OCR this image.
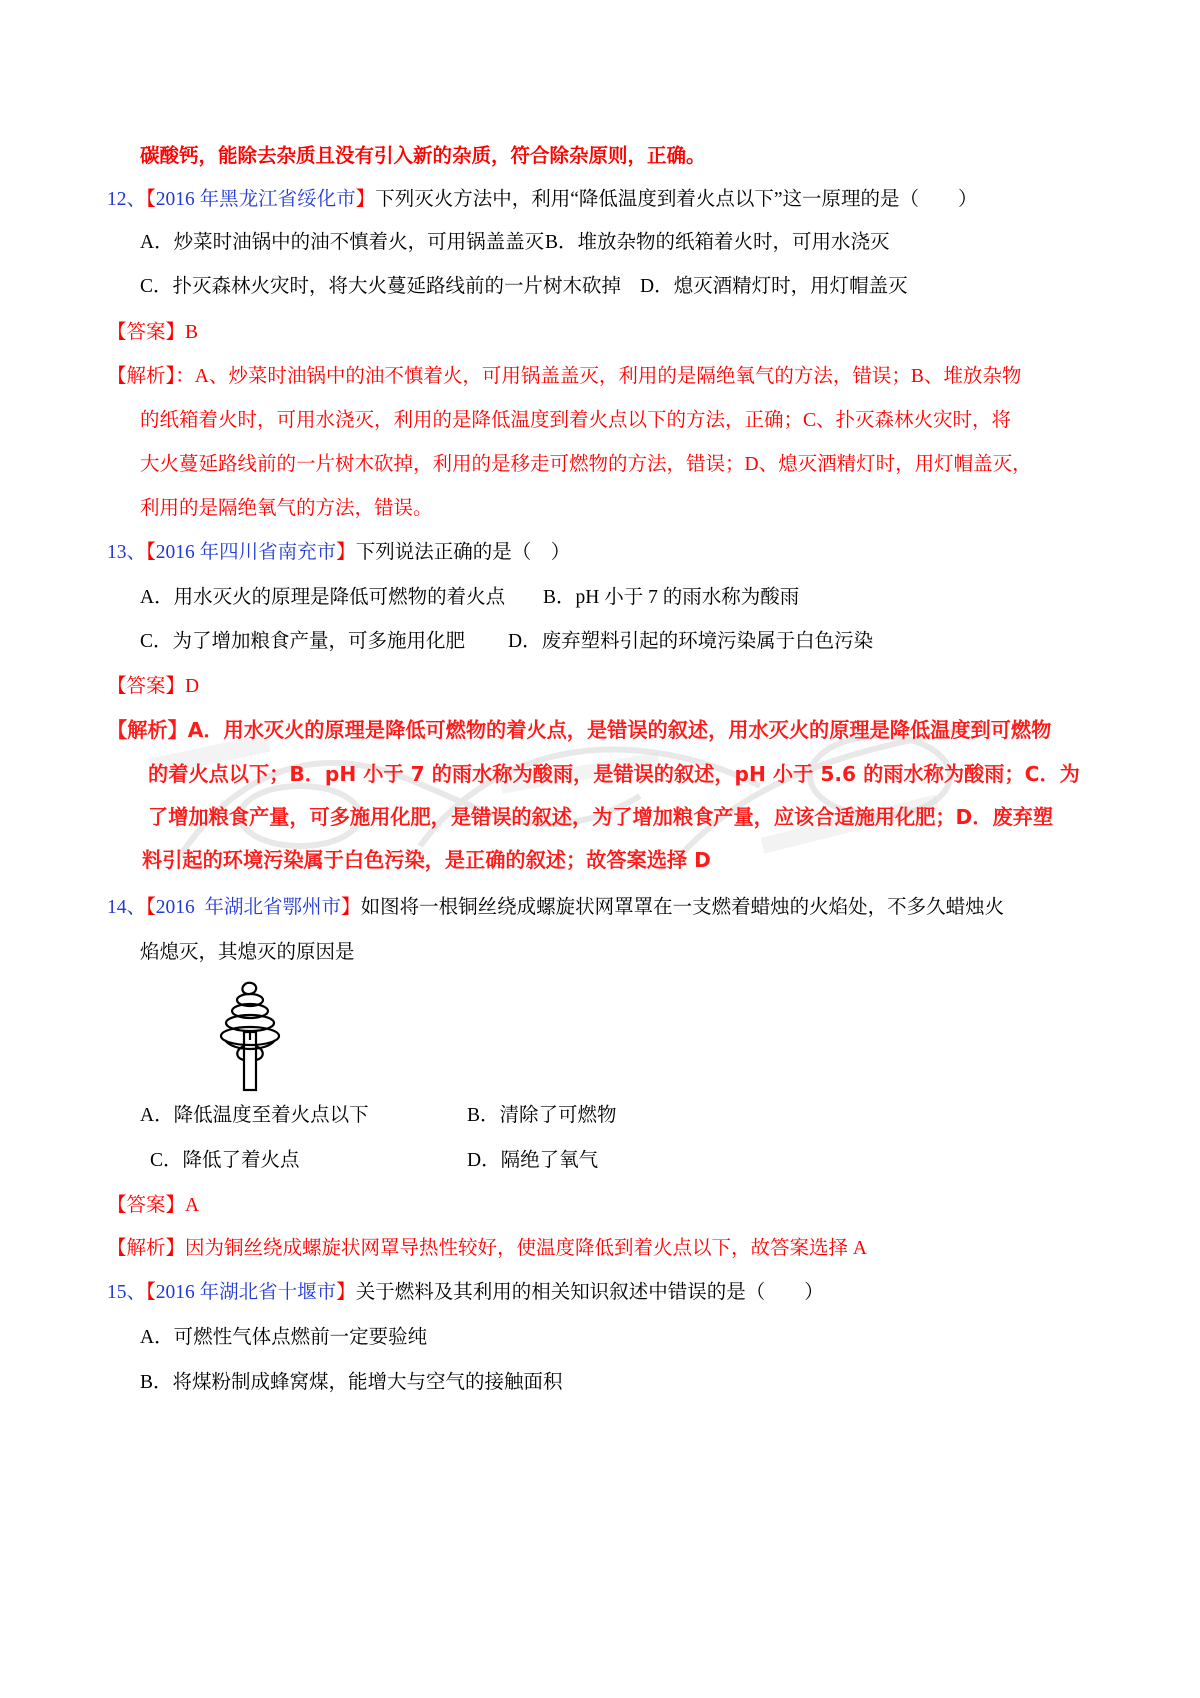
碳酸钙，能除去杂质且没有引入新的杂质，符合除杂原则，正确。
12、【2016 年黑龙江省绥化市】下列灭火方法中，利用“降低温度到着火点以下”这一原理的是（　　）
A．炒菜时油锅中的油不慎着火，可用锅盖盖灭 B．堆放杂物的纸箱着火时，可用水浇灭
C．扑灭森林火灾时，将大火蔓延路线前的一片树木砍掉 D．熄灭酒精灯时，用灯帽盖灭
【答案】B
【解析】：A、炒菜时油锅中的油不慎着火，可用锅盖盖灭，利用的是隔绝氧气的方法，错误；B、堆放杂物
的纸箱着火时，可用水浇灭，利用的是降低温度到着火点以下的方法，正确；C、扑灭森林火灾时，将
大火蔓延路线前的一片树木砍掉，利用的是移走可燃物的方法，错误；D、熄灭酒精灯时，用灯帽盖灭，
利用的是隔绝氧气的方法，错误。
13、【2016 年四川省南充市】下列说法正确的是（　）
A．用水灭火的原理是降低可燃物的着火点 B．pH 小于 7 的雨水称为酸雨
C．为了增加粮食产量，可多施用化肥 D．废弃塑料引起的环境污染属于白色污染
【答案】D
【解析】A．用水灭火的原理是降低可燃物的着火点，是错误的叙述，用水灭火的原理是降低温度到可燃物
的着火点以下；B．pH 小于 7 的雨水称为酸雨，是错误的叙述，pH 小于 5.6 的雨水称为酸雨；C．为
了增加粮食产量，可多施用化肥，是错误的叙述，为了增加粮食产量，应该合适施用化肥；D．废弃塑
料引起的环境污染属于白色污染，是正确的叙述；故答案选择 D
14、【2016  年湖北省鄂州市】如图将一根铜丝绕成螺旋状网罩罩在一支燃着蜡烛的火焰处，不多久蜡烛火
焰熄灭，其熄灭的原因是
A．降低温度至着火点以下	B．清除了可燃物
C．降低了着火点	D．隔绝了氧气
【答案】A
【解析】因为铜丝绕成螺旋状网罩导热性较好，使温度降低到着火点以下，故答案选择 A
15、【2016 年湖北省十堰市】关于燃料及其利用的相关知识叙述中错误的是（　　）
A．可燃性气体点燃前一定要验纯
B．将煤粉制成蜂窝煤，能增大与空气的接触面积
